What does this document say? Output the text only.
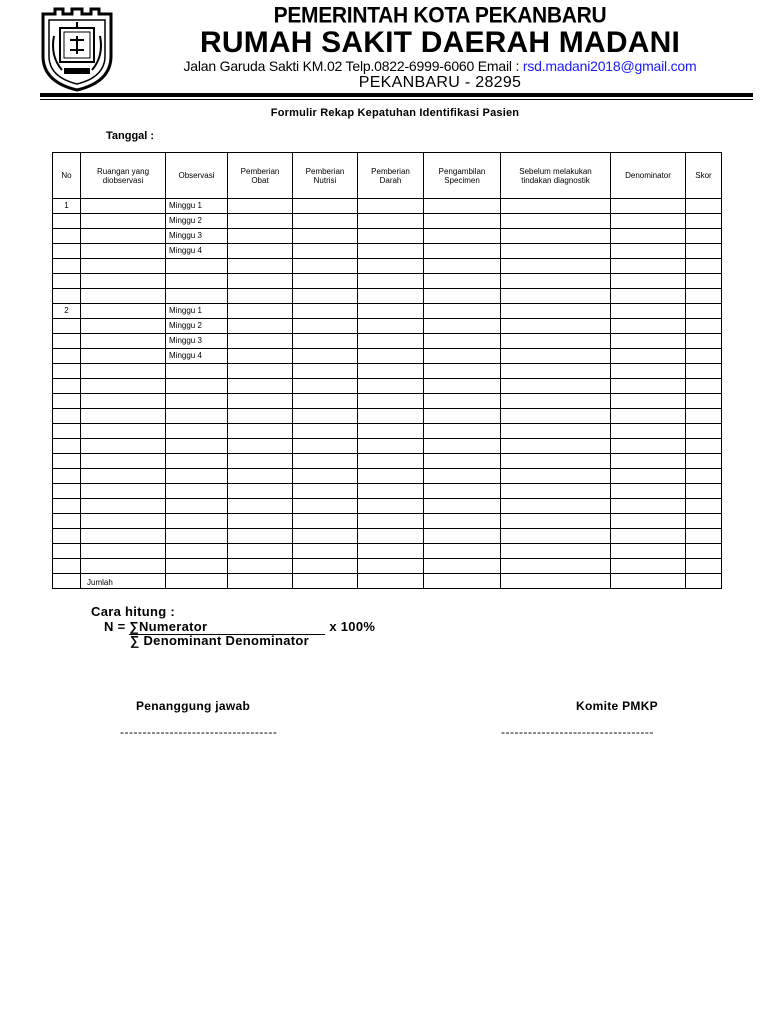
PEMERINTAH KOTA PEKANBARU
RUMAH SAKIT DAERAH MADANI
Jalan Garuda Sakti KM.02 Telp.0822-6999-6060 Email : rsd.madani2018@gmail.com
PEKANBARU - 28295
Formulir Rekap Kepatuhan Identifikasi Pasien
Tanggal :
No	Ruangan yang diobservasi	Observasi	Pemberian Obat	Pemberian Nutrisi	Pemberian Darah	Pengambilan Specimen	Sebelum melakukan tindakan diagnostik	Denominator	Skor
1		Minggu 1							
		Minggu 2							
		Minggu 3							
		Minggu 4							

2		Minggu 1							
		Minggu 2							
		Minggu 3							
		Minggu 4							

	Jumlah								
Cara hitung :
N = ∑Numerator	x 100%
∑ Denominant Denominator
Penanggung jawab	Komite PMKP
-----------------------------------	----------------------------------
